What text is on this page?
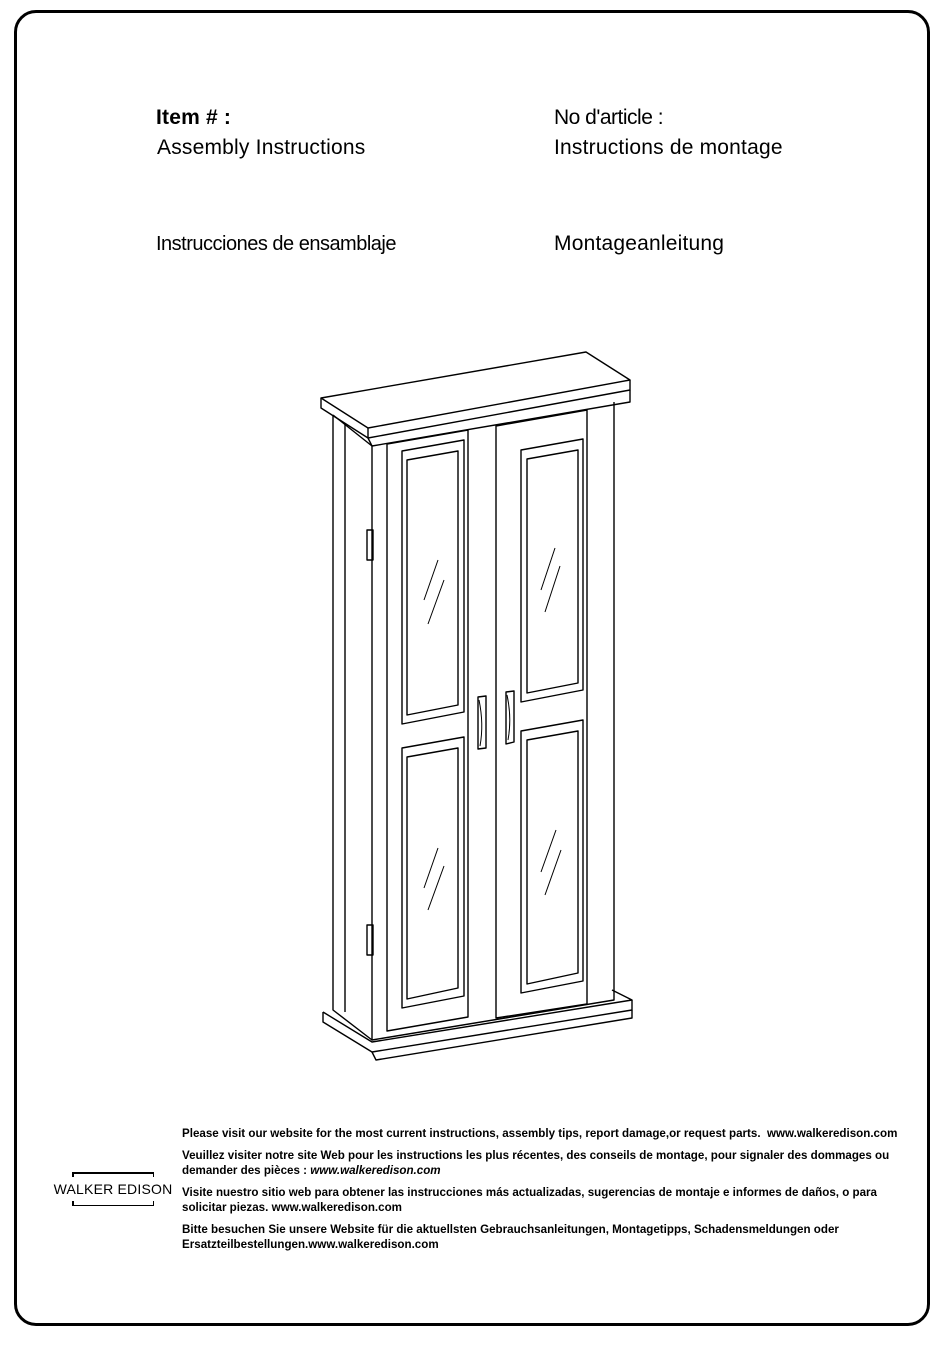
Item # :	No d'article :
Assembly Instructions	Instructions de montage
Instrucciones de ensamblaje	Montageanleitung

Please visit our website for the most current instructions, assembly tips, report damage,or request parts. www.walkeredison.com

Veuillez visiter notre site Web pour les instructions les plus récentes, des conseils de montage, pour signaler des dommages ou demander des pièces : www.walkeredison.com

Visite nuestro sitio web para obtener las instrucciones más actualizadas, sugerencias de montaje e informes de daños, o para solicitar piezas. www.walkeredison.com

Bitte besuchen Sie unsere Website für die aktuellsten Gebrauchsanleitungen, Montagetipps, Schadensmeldungen oder Ersatzteilbestellungen.www.walkeredison.com

WALKER EDISON
